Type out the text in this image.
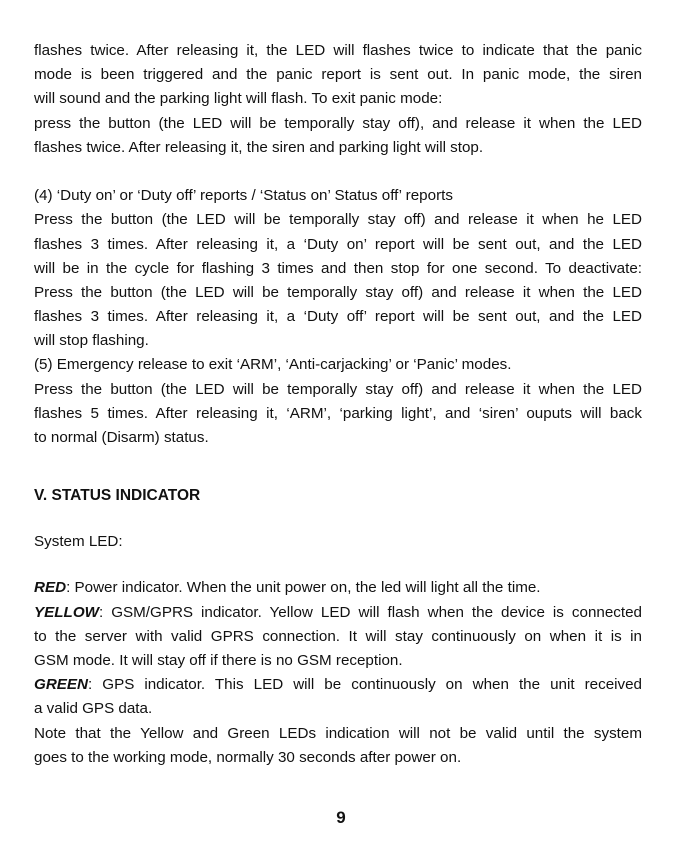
flashes twice. After releasing it, the LED will flashes twice to indicate that the panic
mode is been triggered and the panic report is sent out. In panic mode, the siren
will sound and the parking light will flash. To exit panic mode:
press the button (the LED will be temporally stay off), and release it when the LED
flashes twice. After releasing it, the siren and parking light will stop.
(4) ‘Duty on’ or ‘Duty off’ reports / ‘Status on’ Status off’ reports
Press the button (the LED will be temporally stay off) and release it when he LED
flashes 3 times. After releasing it, a ‘Duty on’ report will be sent out, and the LED
will be in the cycle for flashing 3 times and then stop for one second. To deactivate:
Press the button (the LED will be temporally stay off) and release it when the LED
flashes 3 times. After releasing it, a ‘Duty off’ report will be sent out, and the LED
will stop flashing.
(5) Emergency release to exit ‘ARM’, ‘Anti-carjacking’ or ‘Panic’ modes.
Press the button (the LED will be temporally stay off) and release it when the LED
flashes 5 times. After releasing it, ‘ARM’, ‘parking light’, and ‘siren’ ouputs will back
to normal (Disarm) status.
V. STATUS INDICATOR
System LED:
RED: Power indicator. When the unit power on, the led will light all the time.
YELLOW: GSM/GPRS indicator. Yellow LED will flash when the device is connected
to the server with valid GPRS connection. It will stay continuously on when it is in
GSM mode. It will stay off if there is no GSM reception.
GREEN: GPS indicator. This LED will be continuously on when the unit received
a valid GPS data.
Note that the Yellow and Green LEDs indication will not be valid until the system
goes to the working mode, normally 30 seconds after power on.
9
